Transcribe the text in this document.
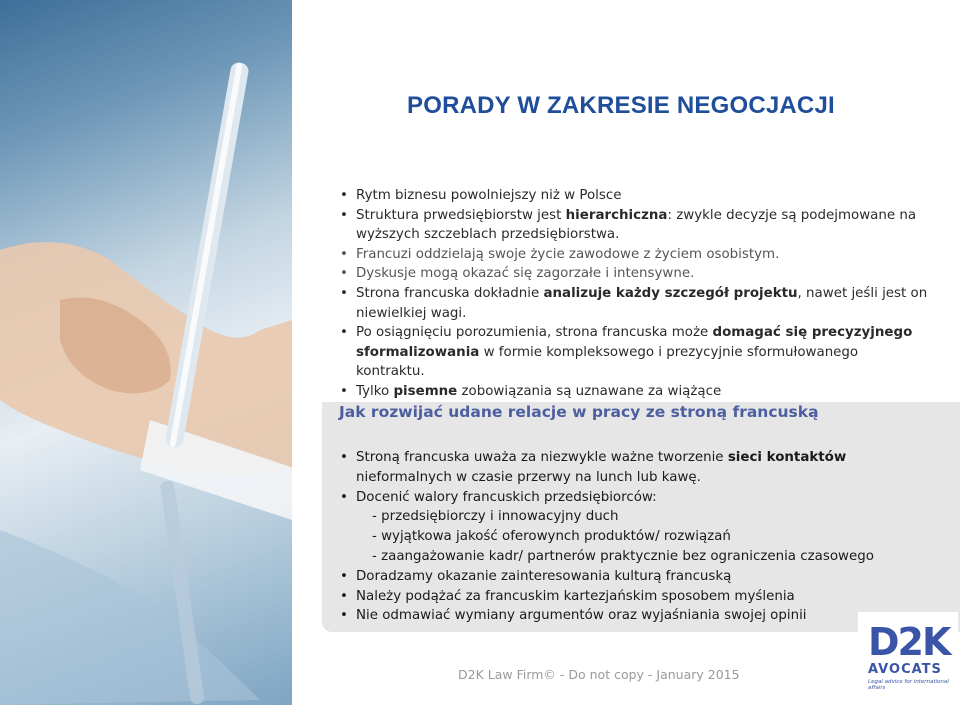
PORADY W ZAKRESIE NEGOCJACJI
• Rytm biznesu powolniejszy niż w Polsce
• Struktura prwedsiębiorstw jest hierarchiczna: zwykle decyzje są podejmowane na wyższych szczeblach przedsiębiorstwa.
• Francuzi oddzielają swoje życie zawodowe z życiem osobistym.
• Dyskusje mogą okazać się zagorzałe i intensywne.
• Strona francuska dokładnie analizuje każdy szczegół projektu, nawet jeśli jest on niewielkiej wagi.
• Po osiągnięciu porozumienia, strona francuska może domagać się precyzyjnego sformalizowania w formie kompleksowego i prezycyjnie sformułowanego kontraktu.
• Tylko pisemne zobowiązania są uznawane za wiążące
Jak rozwijać udane relacje w pracy ze stroną francuską
• Stroną francuska uważa za niezwykle ważne tworzenie sieci kontaktów nieformalnych w czasie przerwy na lunch lub kawę.
• Docenić walory francuskich przedsiębiorców:
- przedsiębiorczy i innowacyjny duch
- wyjątkowa jakość oferowynch produktów/ rozwiązań
- zaangażowanie kadr/ partnerów praktycznie bez ograniczenia czasowego
• Doradzamy okazanie zainteresowania kulturą francuską
• Należy podążać za francuskim kartezjańskim sposobem myślenia
• Nie odmawiać wymiany argumentów oraz wyjaśniania swojej opinii
D2K Law Firm© - Do not copy - January 2015
D2K
AVOCATS
Legal advice for international affairs
